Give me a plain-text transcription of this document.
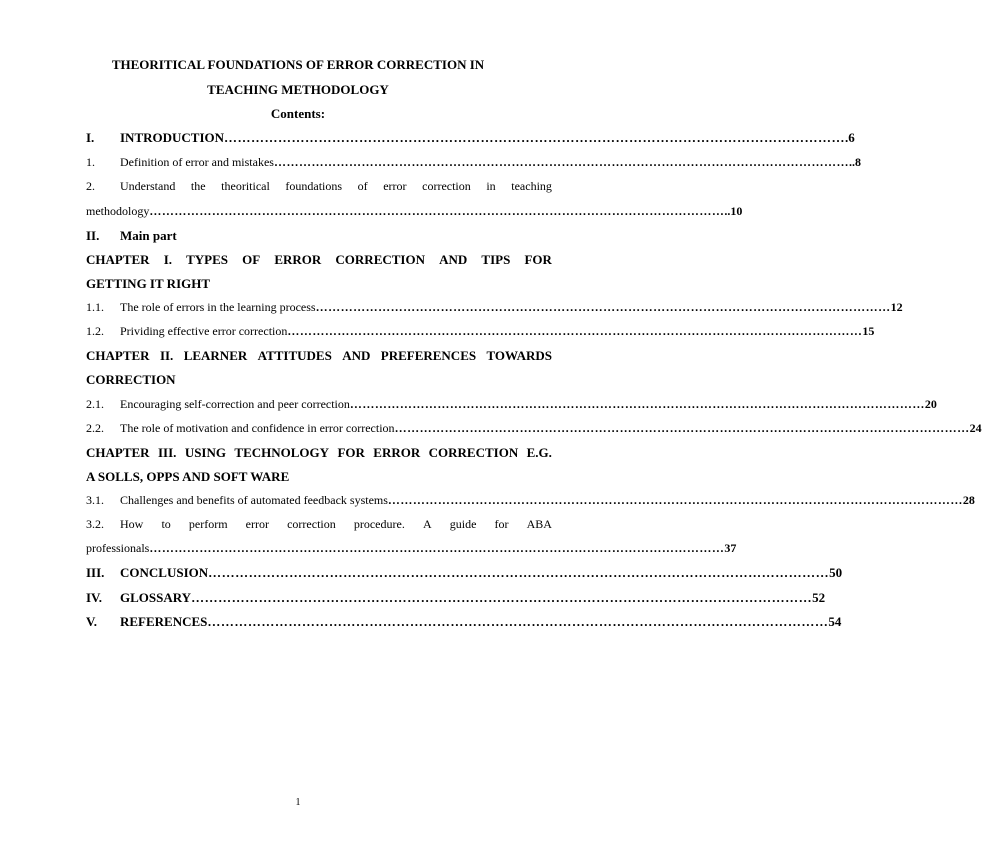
THEORITICAL FOUNDATIONS OF ERROR CORRECTION IN
TEACHING METHODOLOGY
Contents:
I.	INTRODUCTION ………………………………………………………………………………………………………………………… .6
1.	Definition of error and mistakes ………………………………………………………………………………………………………………………… ..8
2. Understand the theoritical foundations of error correction in teaching
methodology ………………………………………………………………………………………………………………………… ..10
II. Main part
CHAPTER I. TYPES OF ERROR CORRECTION AND TIPS FOR
GETTING IT RIGHT
1.1.	The role of errors in the learning process ………………………………………………………………………………………………………………………… 12
1.2.	Prividing effective error correction ………………………………………………………………………………………………………………………… 15
CHAPTER II. LEARNER ATTITUDES AND PREFERENCES TOWARDS
CORRECTION
2.1.	Encouraging self-correction and peer correction ………………………………………………………………………………………………………………………… 20
2.2.	The role of motivation and confidence in error correction ………………………………………………………………………………………………………………………… 24
CHAPTER III. USING TECHNOLOGY FOR ERROR CORRECTION E.G.
A SOLLS, OPPS AND SOFT WARE
3.1.	Challenges and benefits of automated feedback systems ………………………………………………………………………………………………………………………… 28
3.2. How to perform error correction procedure. A guide for ABA
professionals ………………………………………………………………………………………………………………………… 37
III.	CONCLUSION ………………………………………………………………………………………………………………………… 50
IV.	GLOSSARY ………………………………………………………………………………………………………………………… 52
V.	REFERENCES ………………………………………………………………………………………………………………………… 54
1
